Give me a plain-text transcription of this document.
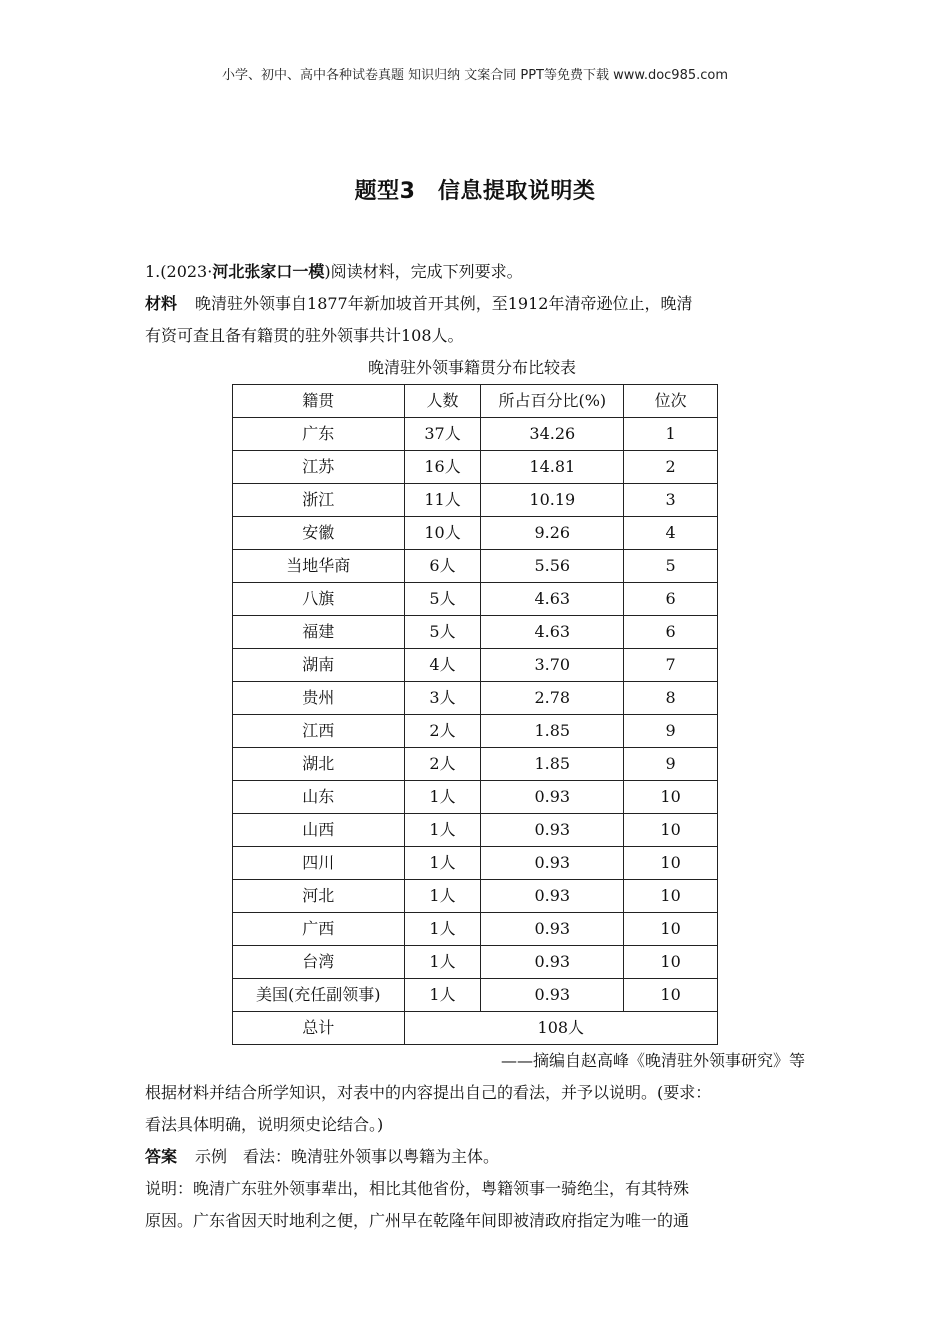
小学、初中、高中各种试卷真题 知识归纳 文案合同 PPT等免费下载 www.doc985.com
题型3　信息提取说明类
1.(2023·河北张家口一模)阅读材料，完成下列要求。
材料 晚清驻外领事自1877年新加坡首开其例，至1912年清帝逊位止，晚清
有资可查且备有籍贯的驻外领事共计108人。
晚清驻外领事籍贯分布比较表
籍贯	人数	所占百分比(%)	位次
广东	37人	34.26	1
江苏	16人	14.81	2
浙江	11人	10.19	3
安徽	10人	9.26	4
当地华商	6人	5.56	5
八旗	5人	4.63	6
福建	5人	4.63	6
湖南	4人	3.70	7
贵州	3人	2.78	8
江西	2人	1.85	9
湖北	2人	1.85	9
山东	1人	0.93	10
山西	1人	0.93	10
四川	1人	0.93	10
河北	1人	0.93	10
广西	1人	0.93	10
台湾	1人	0.93	10
美国(充任副领事)	1人	0.93	10
总计	108人		
——摘编自赵高峰《晚清驻外领事研究》等
根据材料并结合所学知识，对表中的内容提出自己的看法，并予以说明。(要求：
看法具体明确，说明须史论结合。)
答案 示例　看法：晚清驻外领事以粤籍为主体。
说明：晚清广东驻外领事辈出，相比其他省份，粤籍领事一骑绝尘，有其特殊
原因。广东省因天时地利之便，广州早在乾隆年间即被清政府指定为唯一的通
